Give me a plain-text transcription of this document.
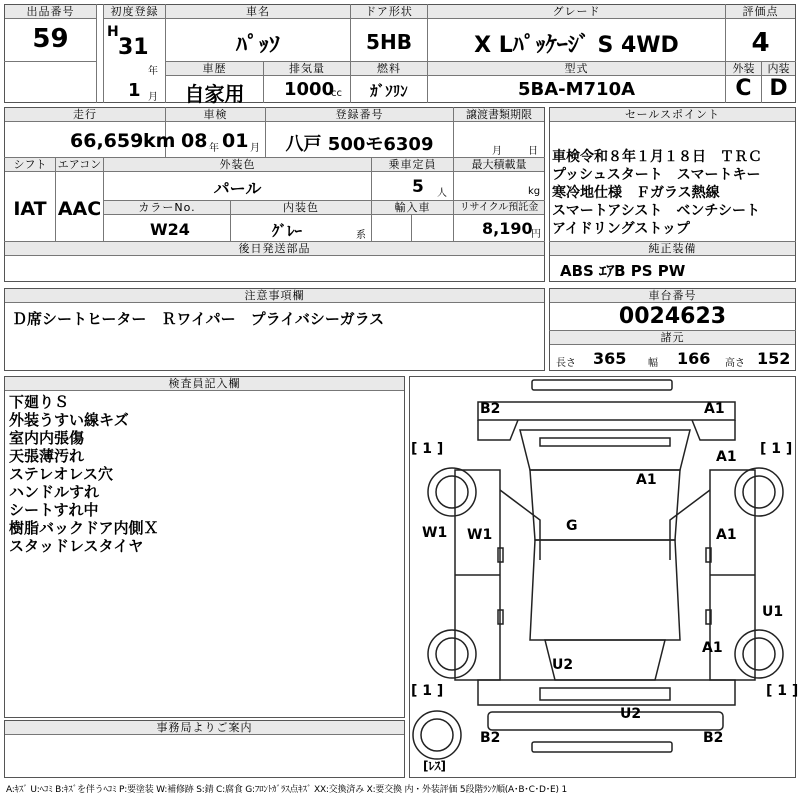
出品番号
59
初度登録
H
31
年
1 月
車名
ﾊﾟｯｿ
ドア形状
5HB
グレード
X Lﾊﾟｯｹｰｼﾞ S 4WD
評価点
4
車歴
自家用
排気量
1000
cc
燃料
ｶﾞｿﾘﾝ
型式
5BA-M710A
外装
C
内装
D
走行
66,659 km
車検
08 年 01 月
登録番号
八戸 500モ6309
譲渡書類期限
月	日
シフト
IAT
エアコン
AAC
外装色
パール
乗車定員
5 人
最大積載量
kg
カラーNo.
W24
内装色
ｸﾞﾚｰ	系
輸入車	リサイクル預託金
8,190
円
後日発送部品
セールスポイント
車検令和８年１月１８日　ＴＲＣ
プッシュスタート　スマートキー
寒冷地仕様　Ｆガラス熱線
スマートアシスト　ベンチシート
アイドリングストップ
純正装備
ABS ｴｱB PS PW
注意事項欄
Ｄ席シートヒーター　Ｒワイパー　プライバシーガラス
車台番号
0024623
諸元
長さ 365 幅 166 高さ 152
検査員記入欄
下廻りＳ
外装うすい線キズ
室内内張傷
天張薄汚れ
ステレオレス穴
ハンドルすれ
シートすれ中
樹脂バックドア内側Ｘ
スタッドレスタイヤ
事務局よりご案内
B2	A1
[ 1 ]	[ 1 ]
A1
A1
W1 W1
G
A1
U1
A1
U2
[ 1 ]	[ 1 ]
U2
B2	B2
[ﾚｽ]
A:ｷｽﾞ U:ﾍｺﾐ B:ｷｽﾞを伴うﾍｺﾐ P:要塗装 W:補修跡 S:錆 C:腐食 G:ﾌﾛﾝﾄｶﾞﾗｽ点ｷｽﾞ XX:交換済み X:要交換 内・外装評価 5段階ﾗﾝｸ順(A･B･C･D･E) 1
